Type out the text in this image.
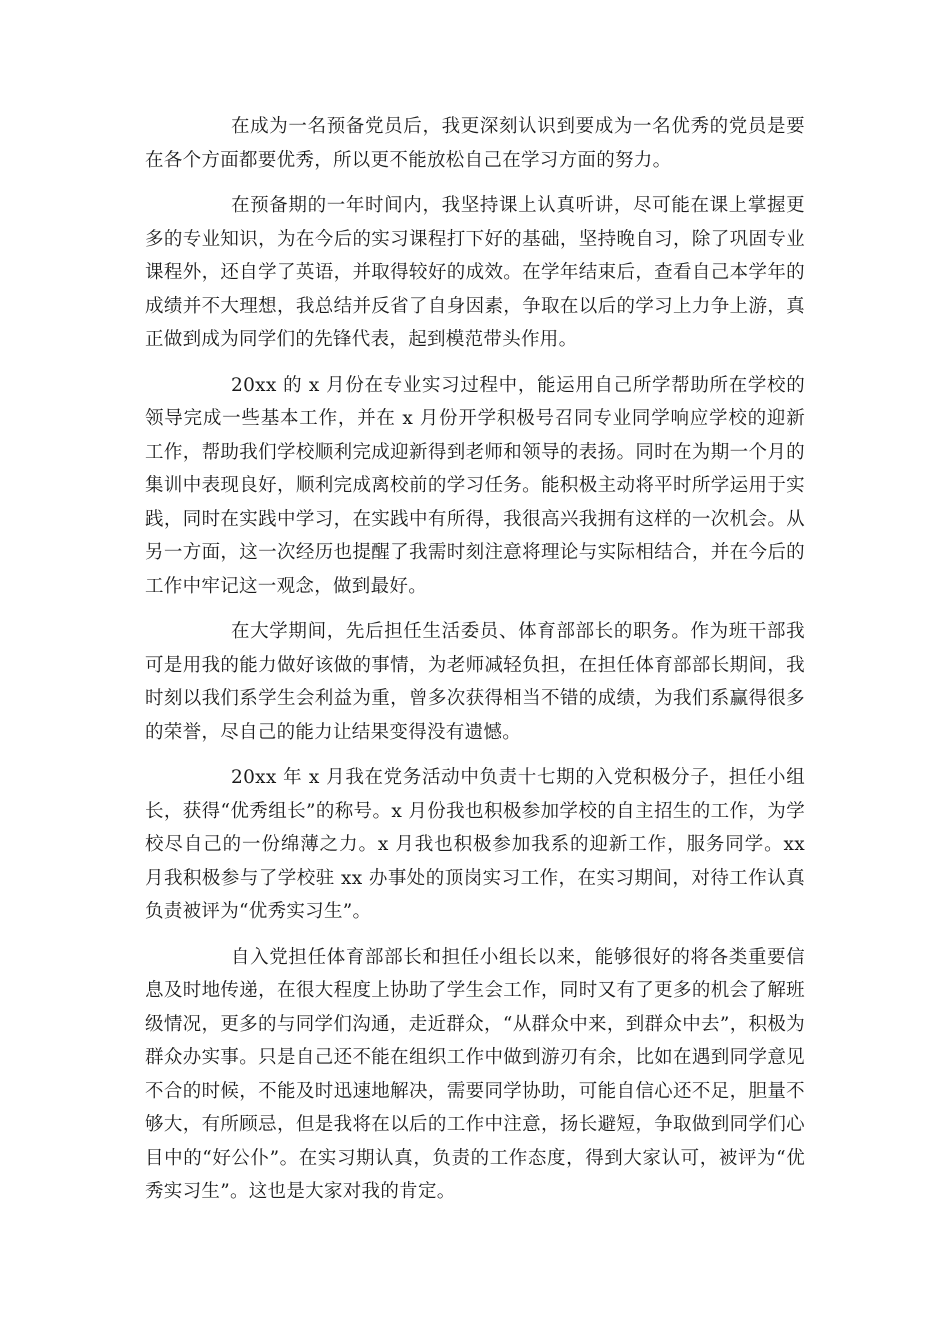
在成为一名预备党员后，我更深刻认识到要成为一名优秀的党员是要在各个方面都要优秀，所以更不能放松自己在学习方面的努力。

在预备期的一年时间内，我坚持课上认真听讲，尽可能在课上掌握更多的专业知识，为在今后的实习课程打下好的基础，坚持晚自习，除了巩固专业课程外，还自学了英语，并取得较好的成效。在学年结束后，查看自己本学年的成绩并不大理想，我总结并反省了自身因素，争取在以后的学习上力争上游，真正做到成为同学们的先锋代表，起到模范带头作用。

20xx 的 x 月份在专业实习过程中，能运用自己所学帮助所在学校的领导完成一些基本工作，并在 x 月份开学积极号召同专业同学响应学校的迎新工作，帮助我们学校顺利完成迎新得到老师和领导的表扬。同时在为期一个月的集训中表现良好，顺利完成离校前的学习任务。能积极主动将平时所学运用于实践，同时在实践中学习，在实践中有所得，我很高兴我拥有这样的一次机会。从另一方面，这一次经历也提醒了我需时刻注意将理论与实际相结合，并在今后的工作中牢记这一观念，做到最好。

在大学期间，先后担任生活委员、体育部部长的职务。作为班干部我可是用我的能力做好该做的事情，为老师减轻负担，在担任体育部部长期间，我时刻以我们系学生会利益为重，曾多次获得相当不错的成绩，为我们系赢得很多的荣誉，尽自己的能力让结果变得没有遗憾。

20xx 年 x 月我在党务活动中负责十七期的入党积极分子，担任小组长，获得“优秀组长”的称号。x 月份我也积极参加学校的自主招生的工作，为学校尽自己的一份绵薄之力。x 月我也积极参加我系的迎新工作，服务同学。xx 月我积极参与了学校驻 xx 办事处的顶岗实习工作，在实习期间，对待工作认真负责被评为“优秀实习生”。

自入党担任体育部部长和担任小组长以来，能够很好的将各类重要信息及时地传递，在很大程度上协助了学生会工作，同时又有了更多的机会了解班级情况，更多的与同学们沟通，走近群众，“从群众中来，到群众中去”，积极为群众办实事。只是自己还不能在组织工作中做到游刃有余，比如在遇到同学意见不合的时候，不能及时迅速地解决，需要同学协助，可能自信心还不足，胆量不够大，有所顾忌，但是我将在以后的工作中注意，扬长避短，争取做到同学们心目中的“好公仆”。在实习期认真，负责的工作态度，得到大家认可，被评为“优秀实习生”。这也是大家对我的肯定。
